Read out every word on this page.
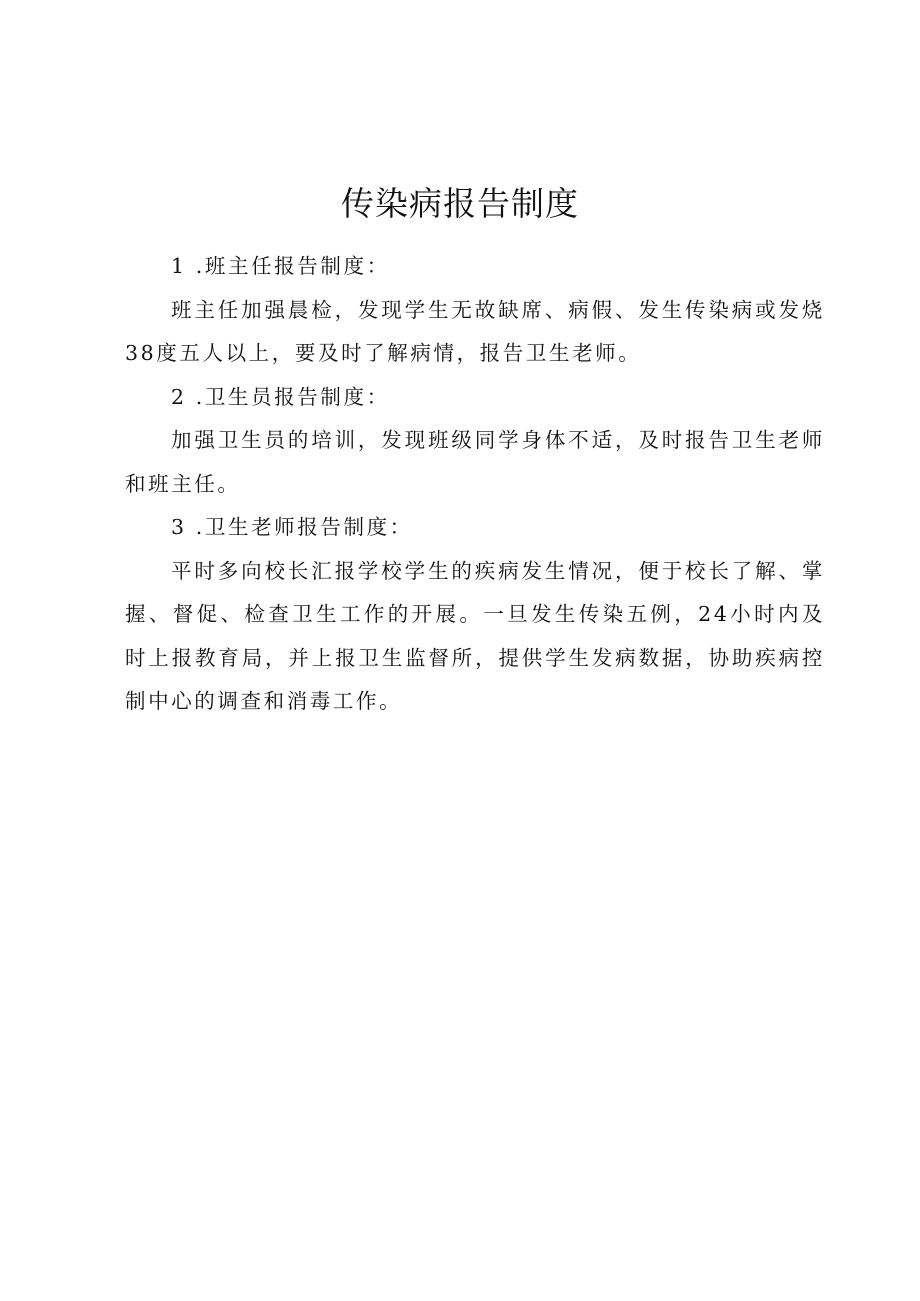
传染病报告制度

1 .班主任报告制度：

班主任加强晨检，发现学生无故缺席、病假、发生传染病或发烧38度五人以上，要及时了解病情，报告卫生老师。

2 .卫生员报告制度：

加强卫生员的培训，发现班级同学身体不适，及时报告卫生老师和班主任。

3 .卫生老师报告制度：

平时多向校长汇报学校学生的疾病发生情况，便于校长了解、掌握、督促、检查卫生工作的开展。一旦发生传染五例，24小时内及时上报教育局，并上报卫生监督所，提供学生发病数据，协助疾病控制中心的调查和消毒工作。
